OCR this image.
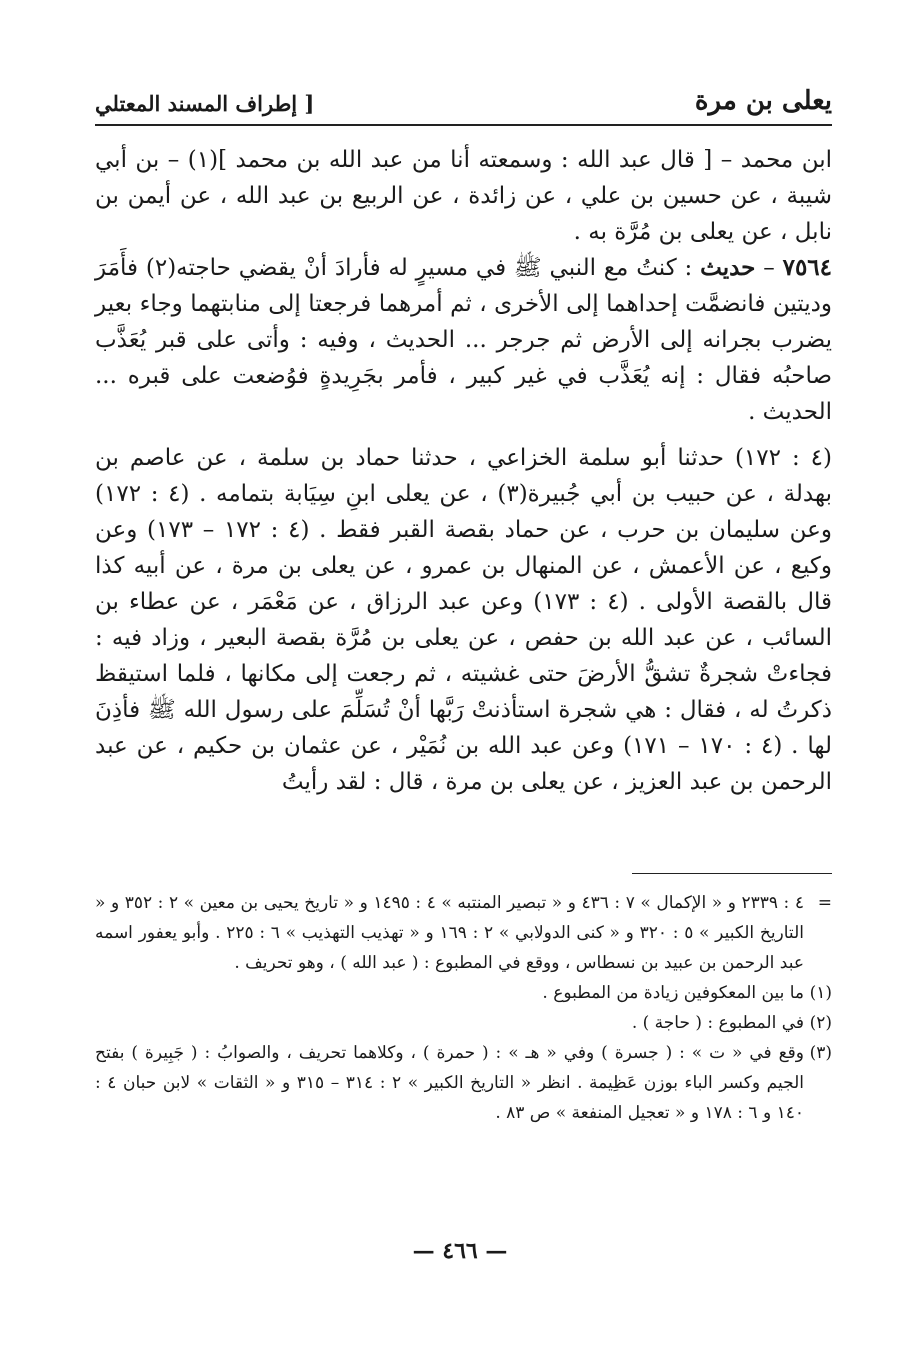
يعلى بن مرة
[ إطراف المسند المعتلي

ابن محمد – [ قال عبد الله : وسمعته أنا من عبد الله بن محمد ](١) – بن أبي شيبة ، عن حسين بن علي ، عن زائدة ، عن الربيع بن عبد الله ، عن أيمن بن نابل ، عن يعلى بن مُرَّة به .

٧٥٦٤ – حديث : كنتُ مع النبي ﷺ في مسيرٍ له فأرادَ أنْ يقضي حاجته(٢) فأَمَرَ وديتين فانضمَّت إحداهما إلى الأخرى ، ثم أمرهما فرجعتا إلى منابتهما وجاء بعير يضرب بجرانه إلى الأرض ثم جرجر ... الحديث ، وفيه : وأتى على قبر يُعَذَّب صاحبُه فقال : إنه يُعَذَّب في غير كبير ، فأمر بجَرِيدةٍ فوُضعت على قبره ... الحديث .

(٤ : ١٧٢) حدثنا أبو سلمة الخزاعي ، حدثنا حماد بن سلمة ، عن عاصم بن بهدلة ، عن حبيب بن أبي جُبيرة(٣) ، عن يعلى ابنِ سِيَابة بتمامه . (٤ : ١٧٢) وعن سليمان بن حرب ، عن حماد بقصة القبر فقط . (٤ : ١٧٢ – ١٧٣) وعن وكيع ، عن الأعمش ، عن المنهال بن عمرو ، عن يعلى بن مرة ، عن أبيه كذا قال بالقصة الأولى . (٤ : ١٧٣) وعن عبد الرزاق ، عن مَعْمَر ، عن عطاء بن السائب ، عن عبد الله بن حفص ، عن يعلى بن مُرَّة بقصة البعير ، وزاد فيه : فجاءتْ شجرةٌ تشقُّ الأرضَ حتى غشيته ، ثم رجعت إلى مكانها ، فلما استيقظ ذكرتُ له ، فقال : هي شجرة استأذنتْ رَبَّها أنْ تُسَلِّمَ على رسول الله ﷺ فأذِنَ لها . (٤ : ١٧٠ – ١٧١) وعن عبد الله بن نُمَيْر ، عن عثمان بن حكيم ، عن عبد الرحمن بن عبد العزيز ، عن يعلى بن مرة ، قال : لقد رأيتُ

=
٤ : ٢٣٣٩ و « الإكمال » ٧ : ٤٣٦ و « تبصير المنتبه » ٤ : ١٤٩٥ و « تاريخ يحيى بن معين » ٢ : ٣٥٢ و « التاريخ الكبير » ٥ : ٣٢٠ و « كنى الدولابي » ٢ : ١٦٩ و « تهذيب التهذيب » ٦ : ٢٢٥ . وأبو يعفور اسمه عبد الرحمن بن عبيد بن نسطاس ، ووقع في المطبوع : ( عبد الله ) ، وهو تحريف .

(١)
ما بين المعكوفين زيادة من المطبوع .

(٢)
في المطبوع : ( حاجة ) .

(٣)
وقع في « ت » : ( جسرة ) وفي « هـ » : ( حمرة ) ، وكلاهما تحريف ، والصوابُ : ( جَبِيرة ) بفتح الجيم وكسر الباء بوزن عَظِيمة . انظر « التاريخ الكبير » ٢ : ٣١٤ – ٣١٥ و « الثقات » لابن حبان ٤ : ١٤٠ و ٦ : ١٧٨ و « تعجيل المنفعة » ص ٨٣ .

— ٤٦٦ —
